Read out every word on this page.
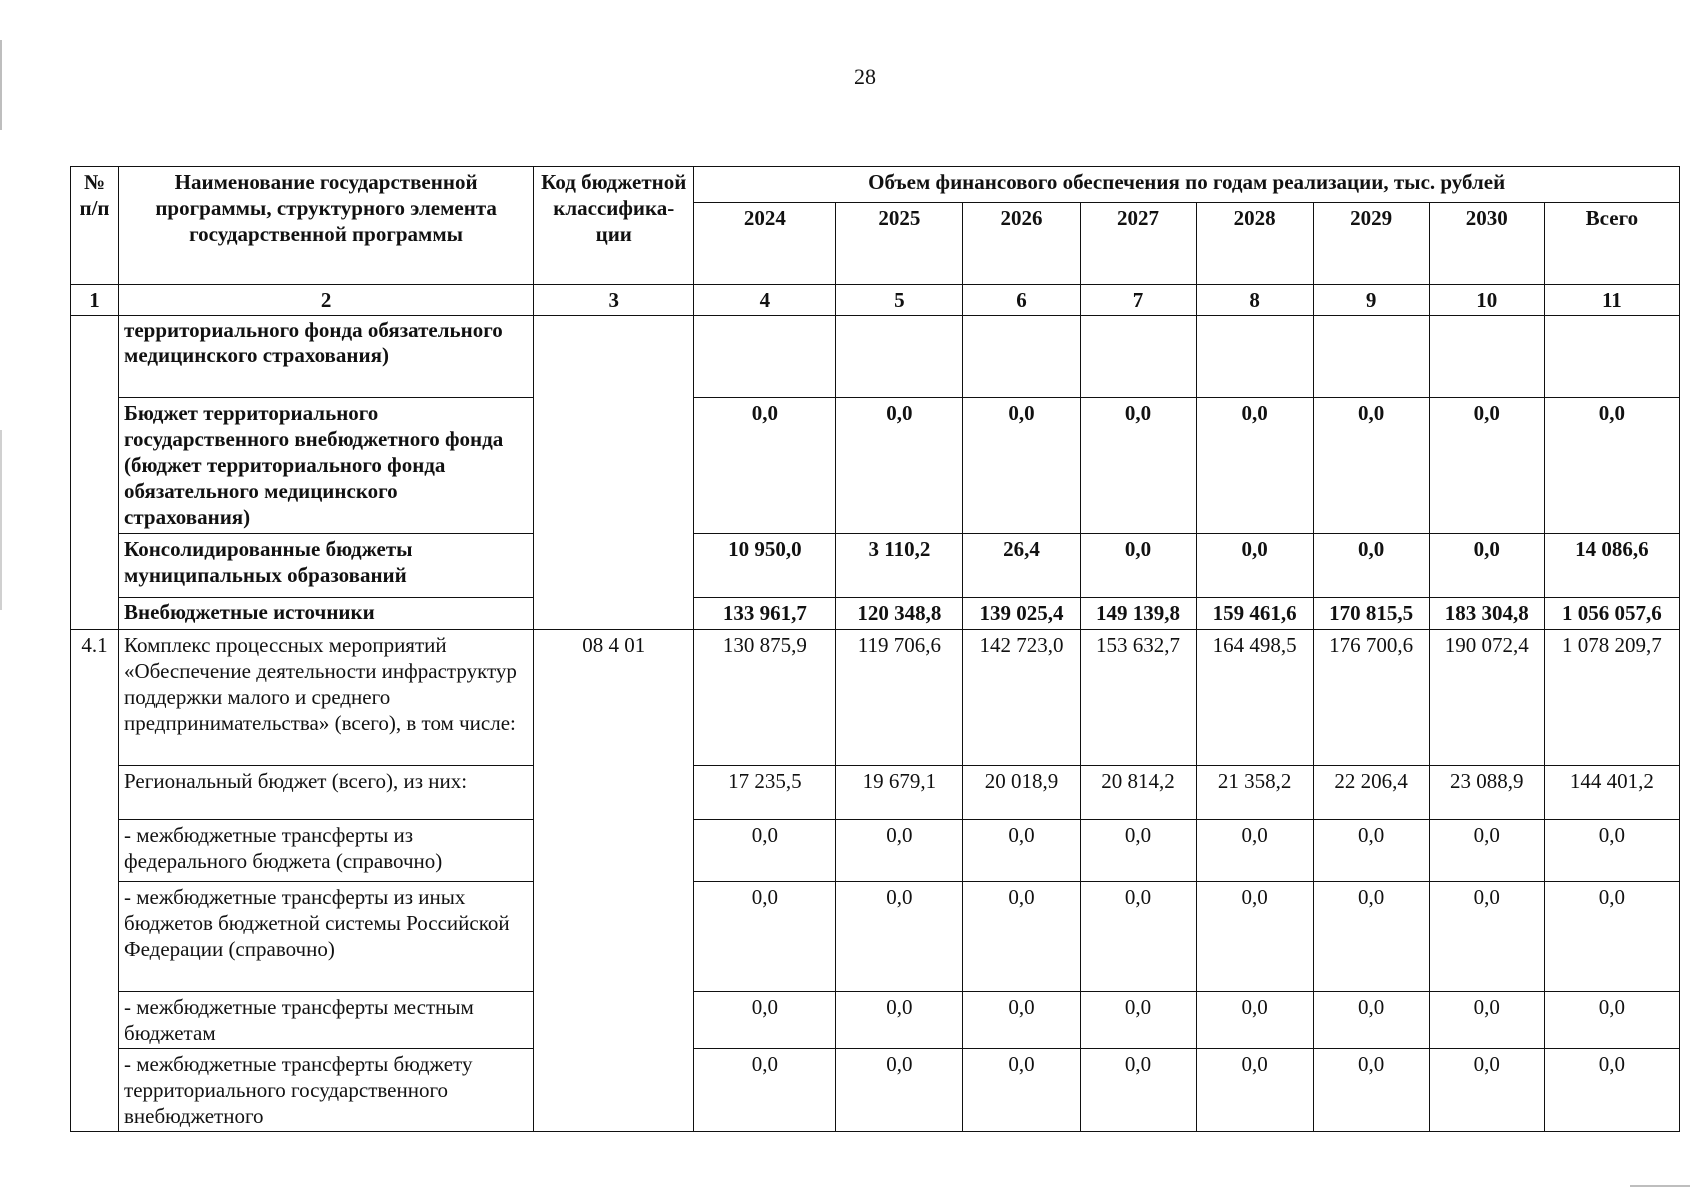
28
№ п/п	Наименование государственной программы, структурного элемента государственной программы	Код бюджетной классифика-ции	Объем финансового обеспечения по годам реализации, тыс. рублей							
			2024	2025	2026	2027	2028	2029	2030	Всего
1	2	3	4	5	6	7	8	9	10	11
	территориального фонда обязательного медицинского страхования)									
	Бюджет территориального государственного внебюджетного фонда (бюджет территориального фонда обязательного медицинского страхования)		0,0	0,0	0,0	0,0	0,0	0,0	0,0	0,0
	Консолидированные бюджеты муниципальных образований		10 950,0	3 110,2	26,4	0,0	0,0	0,0	0,0	14 086,6
	Внебюджетные источники		133 961,7	120 348,8	139 025,4	149 139,8	159 461,6	170 815,5	183 304,8	1 056 057,6
4.1	Комплекс процессных мероприятий «Обеспечение деятельности инфраструктур поддержки малого и среднего предпринимательства» (всего), в том числе:	08 4 01	130 875,9	119 706,6	142 723,0	153 632,7	164 498,5	176 700,6	190 072,4	1 078 209,7
	Региональный бюджет (всего), из них:		17 235,5	19 679,1	20 018,9	20 814,2	21 358,2	22 206,4	23 088,9	144 401,2
	- межбюджетные трансферты из федерального бюджета (справочно)		0,0	0,0	0,0	0,0	0,0	0,0	0,0	0,0
	- межбюджетные трансферты из иных бюджетов бюджетной системы Российской Федерации (справочно)		0,0	0,0	0,0	0,0	0,0	0,0	0,0	0,0
	- межбюджетные трансферты местным бюджетам		0,0	0,0	0,0	0,0	0,0	0,0	0,0	0,0
	- межбюджетные трансферты бюджету территориального государственного внебюджетного		0,0	0,0	0,0	0,0	0,0	0,0	0,0	0,0
